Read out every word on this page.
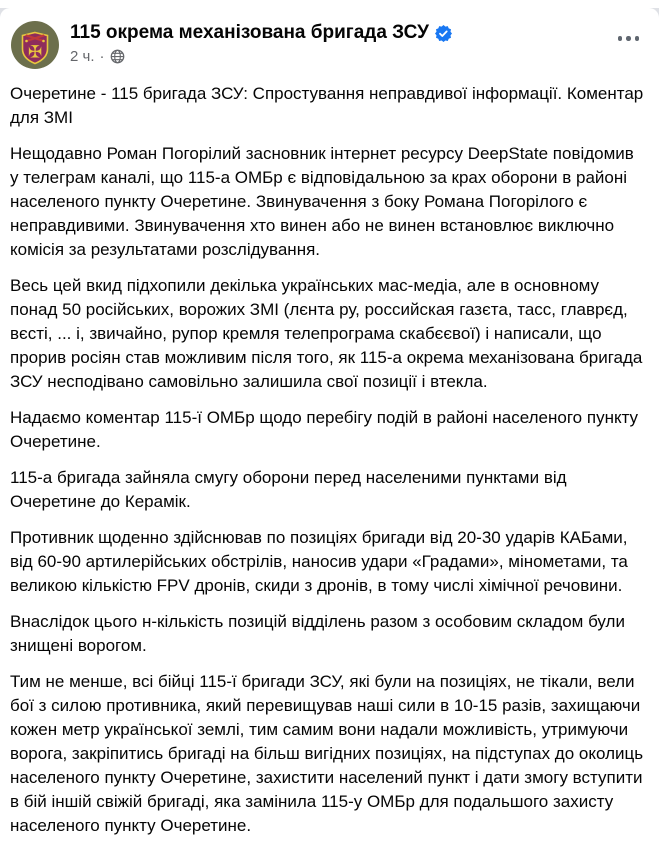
✠
115 окрема механізована бригада ЗСУ
2 ч. ·

Очеретине - 115 бригада ЗСУ: Спростування неправдивої інформації. Коментар для ЗМІ

Нещодавно Роман Погорілий засновник інтернет ресурсу DeepState повідомив у телеграм каналі, що 115-а ОМБр є відповідальною за крах оборони в районі населеного пункту Очеретине. Звинувачення з боку Романа Погорілого є неправдивими. Звинувачення хто винен або не винен встановлює виключно комісія за результатами розслідування.

Весь цей вкид підхопили декілька українських мас-медіа, але в основному понад 50 російських, ворожих ЗМІ (лєнта ру, российская газєта, тасс, главрєд, вєсті, ... і, звичайно, рупор кремля телепрограма скабєєвої) і написали, що прорив росіян став можливим після того, як 115-а окрема механізована бригада ЗСУ несподівано самовільно залишила свої позиції і втекла.

Надаємо коментар 115-ї ОМБр щодо перебігу подій в районі населеного пункту Очеретине.

115-а бригада зайняла смугу оборони перед населеними пунктами від Очеретине до Керамік.

Противник щоденно здійснював по позиціях бригади від 20-30 ударів КАБами, від 60-90 артилерійських обстрілів, наносив удари «Градами», мінометами, та великою кількістю FPV дронів, скиди з дронів, в тому числі хімічної речовини.

Внаслідок цього н-кількість позицій відділень разом з особовим складом були знищені ворогом.

Тим не менше, всі бійці 115-ї бригади ЗСУ, які були на позиціях, не тікали, вели бої з силою противника, який перевищував наші сили в 10-15 разів, захищаючи кожен метр української землі, тим самим вони надали можливість, утримуючи ворога, закріпитись бригаді на більш вигідних позиціях, на підступах до околиць населеного пункту Очеретине, захистити населений пункт і дати змогу вступити в бій іншій свіжій бригаді, яка замінила 115-у ОМБр для подальшого захисту населеного пункту Очеретине.
